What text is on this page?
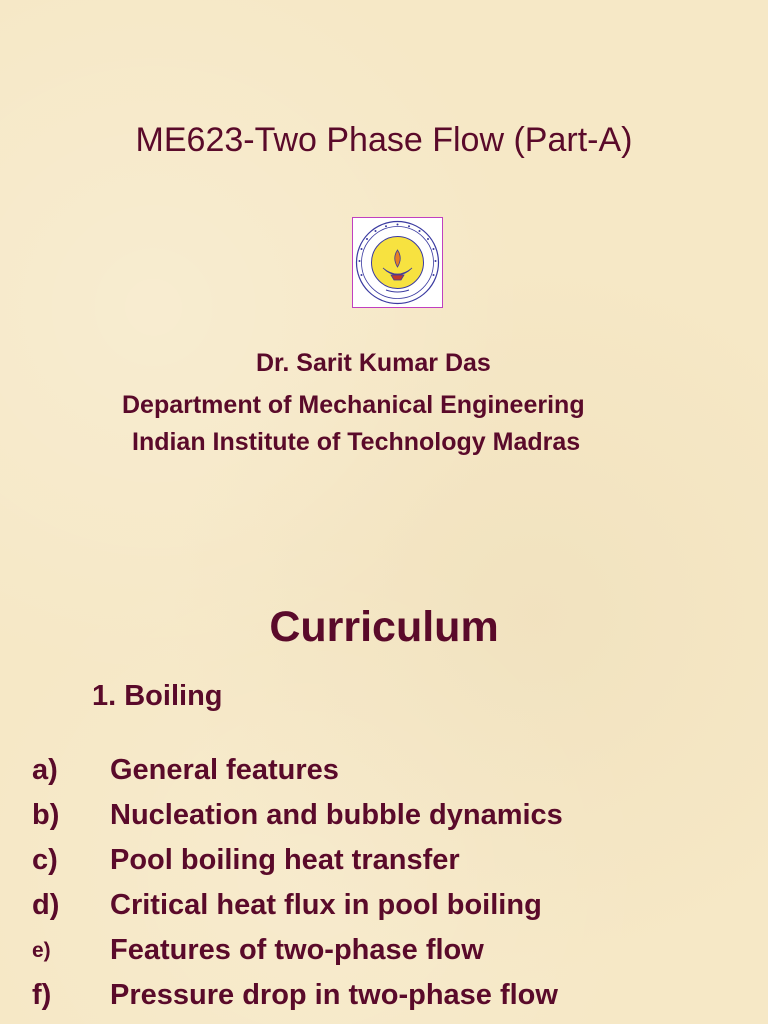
ME623-Two Phase Flow (Part-A)
Dr. Sarit Kumar Das
Department of Mechanical Engineering
Indian Institute of Technology Madras
Curriculum
1. Boiling
a) General features
b) Nucleation and bubble dynamics
c) Pool boiling heat transfer
d) Critical heat flux in pool boiling
e) Features of two-phase flow
f) Pressure drop in two-phase flow
